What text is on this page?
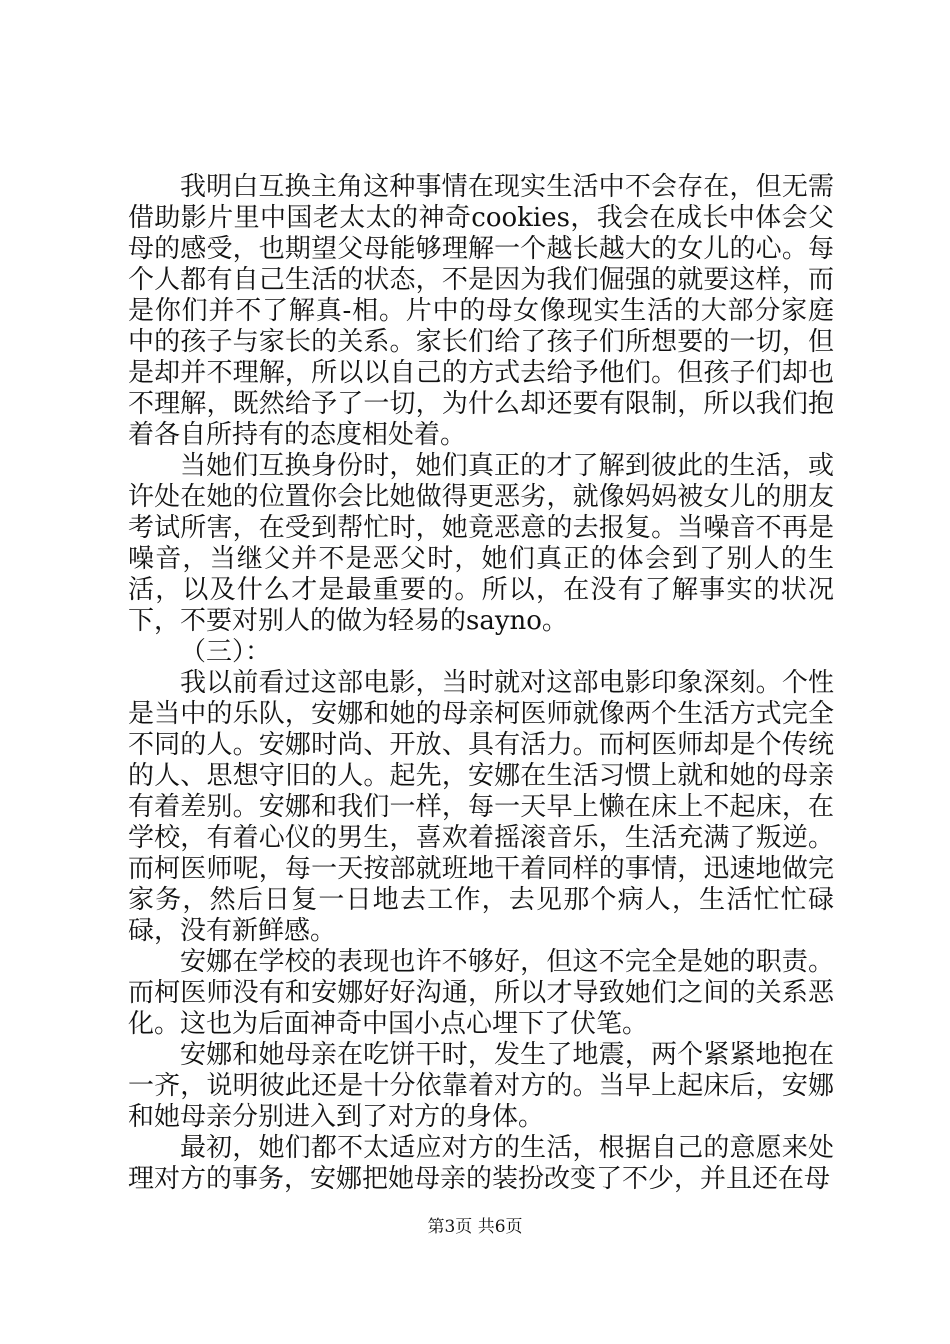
我明白互换主角这种事情在现实生活中不会存在，但无需借助影片里中国老太太的神奇cookies，我会在成长中体会父母的感受，也期望父母能够理解一个越长越大的女儿的心。每个人都有自己生活的状态，不是因为我们倔强的就要这样，而是你们并不了解真-相。片中的母女像现实生活的大部分家庭中的孩子与家长的关系。家长们给了孩子们所想要的一切，但是却并不理解，所以以自己的方式去给予他们。但孩子们却也不理解，既然给予了一切，为什么却还要有限制，所以我们抱着各自所持有的态度相处着。

当她们互换身份时，她们真正的才了解到彼此的生活，或许处在她的位置你会比她做得更恶劣，就像妈妈被女儿的朋友考试所害，在受到帮忙时，她竟恶意的去报复。当噪音不再是噪音，当继父并不是恶父时，她们真正的体会到了别人的生活，以及什么才是最重要的。所以，在没有了解事实的状况下，不要对别人的做为轻易的sayno。

（三）：

我以前看过这部电影，当时就对这部电影印象深刻。个性是当中的乐队，安娜和她的母亲柯医师就像两个生活方式完全不同的人。安娜时尚、开放、具有活力。而柯医师却是个传统的人、思想守旧的人。起先，安娜在生活习惯上就和她的母亲有着差别。安娜和我们一样，每一天早上懒在床上不起床，在学校，有着心仪的男生，喜欢着摇滚音乐，生活充满了叛逆。而柯医师呢，每一天按部就班地干着同样的事情，迅速地做完家务，然后日复一日地去工作，去见那个病人，生活忙忙碌碌，没有新鲜感。

安娜在学校的表现也许不够好，但这不完全是她的职责。而柯医师没有和安娜好好沟通，所以才导致她们之间的关系恶化。这也为后面神奇中国小点心埋下了伏笔。

安娜和她母亲在吃饼干时，发生了地震，两个紧紧地抱在一齐，说明彼此还是十分依靠着对方的。当早上起床后，安娜和她母亲分别进入到了对方的身体。

最初，她们都不太适应对方的生活，根据自己的意愿来处理对方的事务，安娜把她母亲的装扮改变了不少，并且还在母

第3页 共6页
